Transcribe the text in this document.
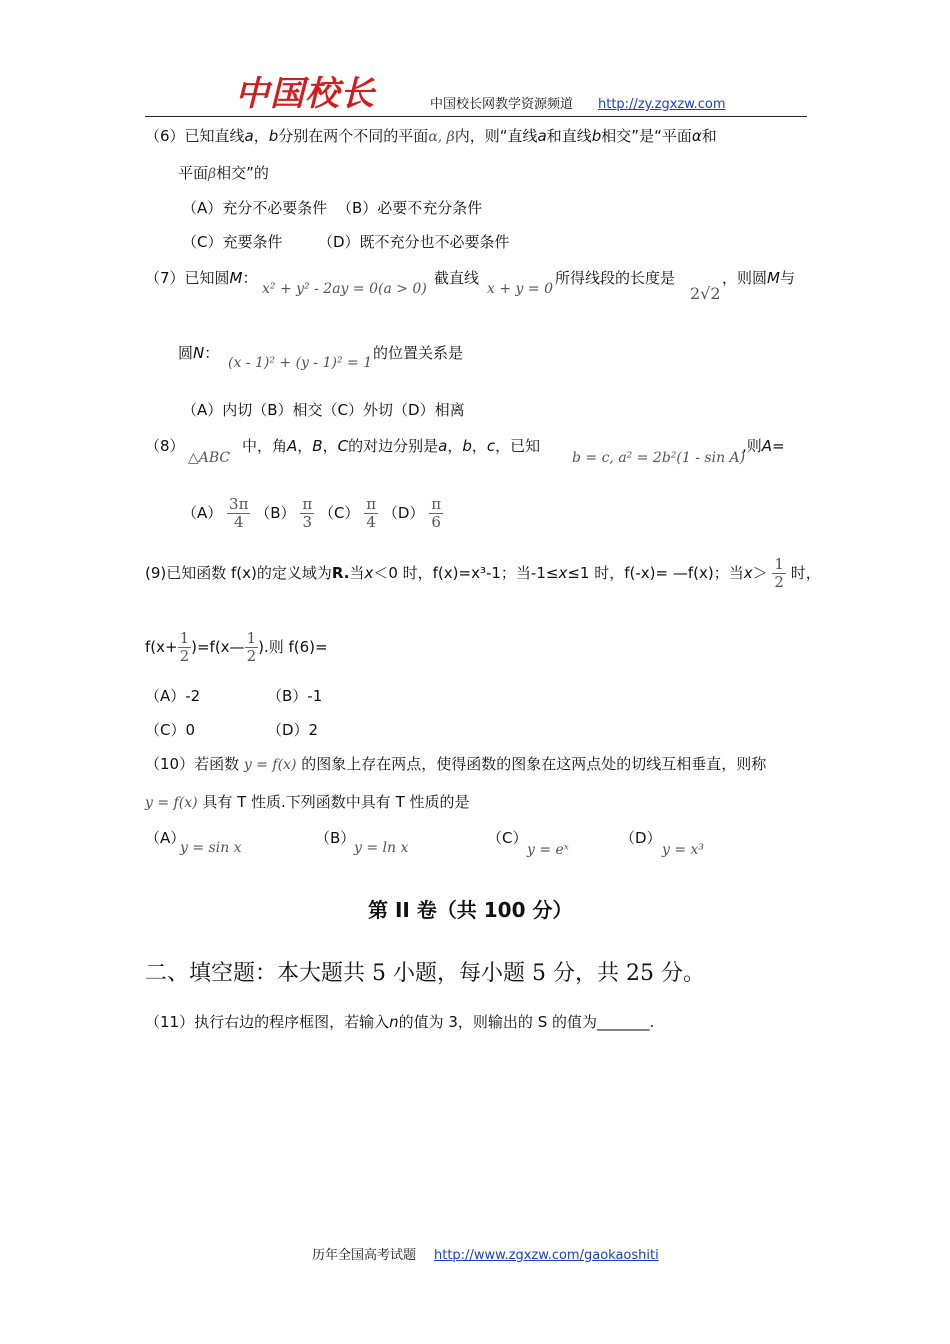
中国校长	中国校长网教学资源频道 http://zy.zgxzw.com
（6）已知直线a，b分别在两个不同的平面α, β内，则“直线a和直线b相交”是“平面α和
平面β相交”的
（A）充分不必要条件 （B）必要不充分条件
（C）充要条件 （D）既不充分也不必要条件
（7）已知圆M：
x² + y² - 2ay = 0(a > 0)
截直线
x + y = 0
所得线段的长度是
2√2
，则圆M与
圆N：
(x - 1)² + (y - 1)² = 1
的位置关系是
（A）内切（B）相交（C）外切（D）相离
（8）
△ABC
中，角A，B，C的对边分别是a，b，c，已知
b = c, a² = 2b²(1 - sin A)
,则A=
$(A) \frac{3\pi}{4} (B) \frac{\pi}{3} (C) \frac{\pi}{4} (D) \frac{\pi}{6}$
(9)已知函数 f(x)的定义域为R.当x＜0 时，f(x)=x³-1；当-1≤x≤1 时，f(-x)= —f(x)；当$x> \frac{1}{2}$ 时，
$f(x+ \frac{1}{2}$ )=f(x— $\frac{1}{2}$ ).则 f(6)=
（A）-2	（B）-1
（C）0	（D）2
（10）若函数 y = f(x) 的图象上存在两点，使得函数的图象在这两点处的切线互相垂直，则称
y = f(x) 具有 T 性质.下列函数中具有 T 性质的是
（A）
y = sin x
（B）
y = ln x
（C）
y = eˣ
（D）
y = x³
第 II 卷（共 100 分）
二、填空题：本大题共 5 小题，每小题 5 分，共 25 分。
（11）执行右边的程序框图，若输入n的值为 3，则输出的 S 的值为_______.
历年全国高考试题 http://www.zgxzw.com/gaokaoshiti
